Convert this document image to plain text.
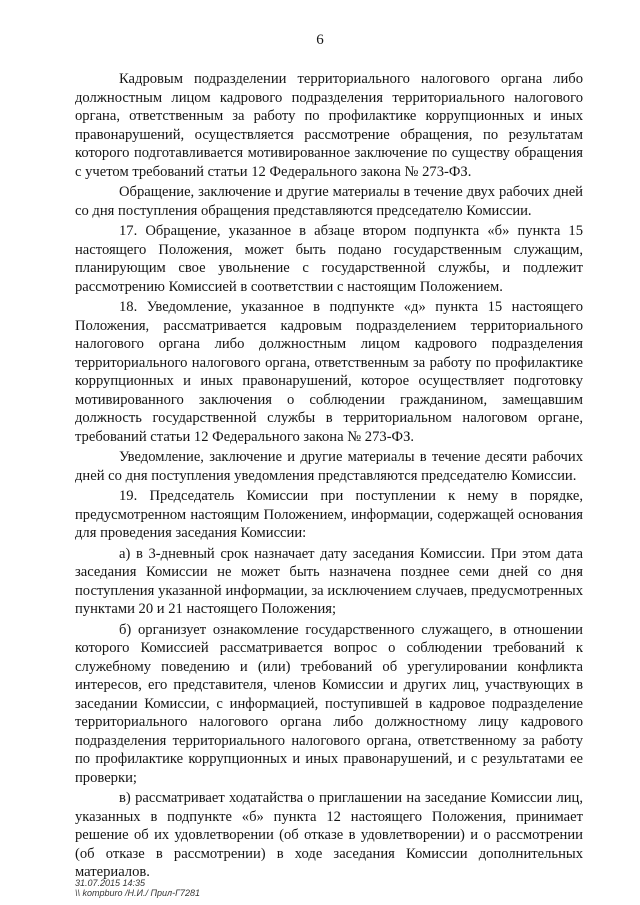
6

Кадровым подразделении территориального налогового органа либо должностным лицом кадрового подразделения территориального налогового органа, ответственным за работу по профилактике коррупционных и иных правонарушений, осуществляется рассмотрение обращения, по результатам которого подготавливается мотивированное заключение по существу обращения с учетом требований статьи 12 Федерального закона № 273-ФЗ.

Обращение, заключение и другие материалы в течение двух рабочих дней со дня поступления обращения представляются председателю Комиссии.

17. Обращение, указанное в абзаце втором подпункта «б» пункта 15 настоящего Положения, может быть подано государственным служащим, планирующим свое увольнение с государственной службы, и подлежит рассмотрению Комиссией в соответствии с настоящим Положением.

18. Уведомление, указанное в подпункте «д» пункта 15 настоящего Положения, рассматривается кадровым подразделением территориального налогового органа либо должностным лицом кадрового подразделения территориального налогового органа, ответственным за работу по профилактике коррупционных и иных правонарушений, которое осуществляет подготовку мотивированного заключения о соблюдении гражданином, замещавшим должность государственной службы в территориальном налоговом органе, требований статьи 12 Федерального закона № 273-ФЗ.

Уведомление, заключение и другие материалы в течение десяти рабочих дней со дня поступления уведомления представляются председателю Комиссии.

19. Председатель Комиссии при поступлении к нему в порядке, предусмотренном настоящим Положением, информации, содержащей основания для проведения заседания Комиссии:

а) в 3-дневный срок назначает дату заседания Комиссии. При этом дата заседания Комиссии не может быть назначена позднее семи дней со дня поступления указанной информации, за исключением случаев, предусмотренных пунктами 20 и 21 настоящего Положения;

б) организует ознакомление государственного служащего, в отношении которого Комиссией рассматривается вопрос о соблюдении требований к служебному поведению и (или) требований об урегулировании конфликта интересов, его представителя, членов Комиссии и других лиц, участвующих в заседании Комиссии, с информацией, поступившей в кадровое подразделение территориального налогового органа либо должностному лицу кадрового подразделения территориального налогового органа, ответственному за работу по профилактике коррупционных и иных правонарушений, и с результатами ее проверки;

в) рассматривает ходатайства о приглашении на заседание Комиссии лиц, указанных в подпункте «б» пункта 12 настоящего Положения, принимает решение об их удовлетворении (об отказе в удовлетворении) и о рассмотрении (об отказе в рассмотрении) в ходе заседания Комиссии дополнительных материалов.

31.07.2015 14:35
\\ kompburo /Н.И./ Прил-Г7281
